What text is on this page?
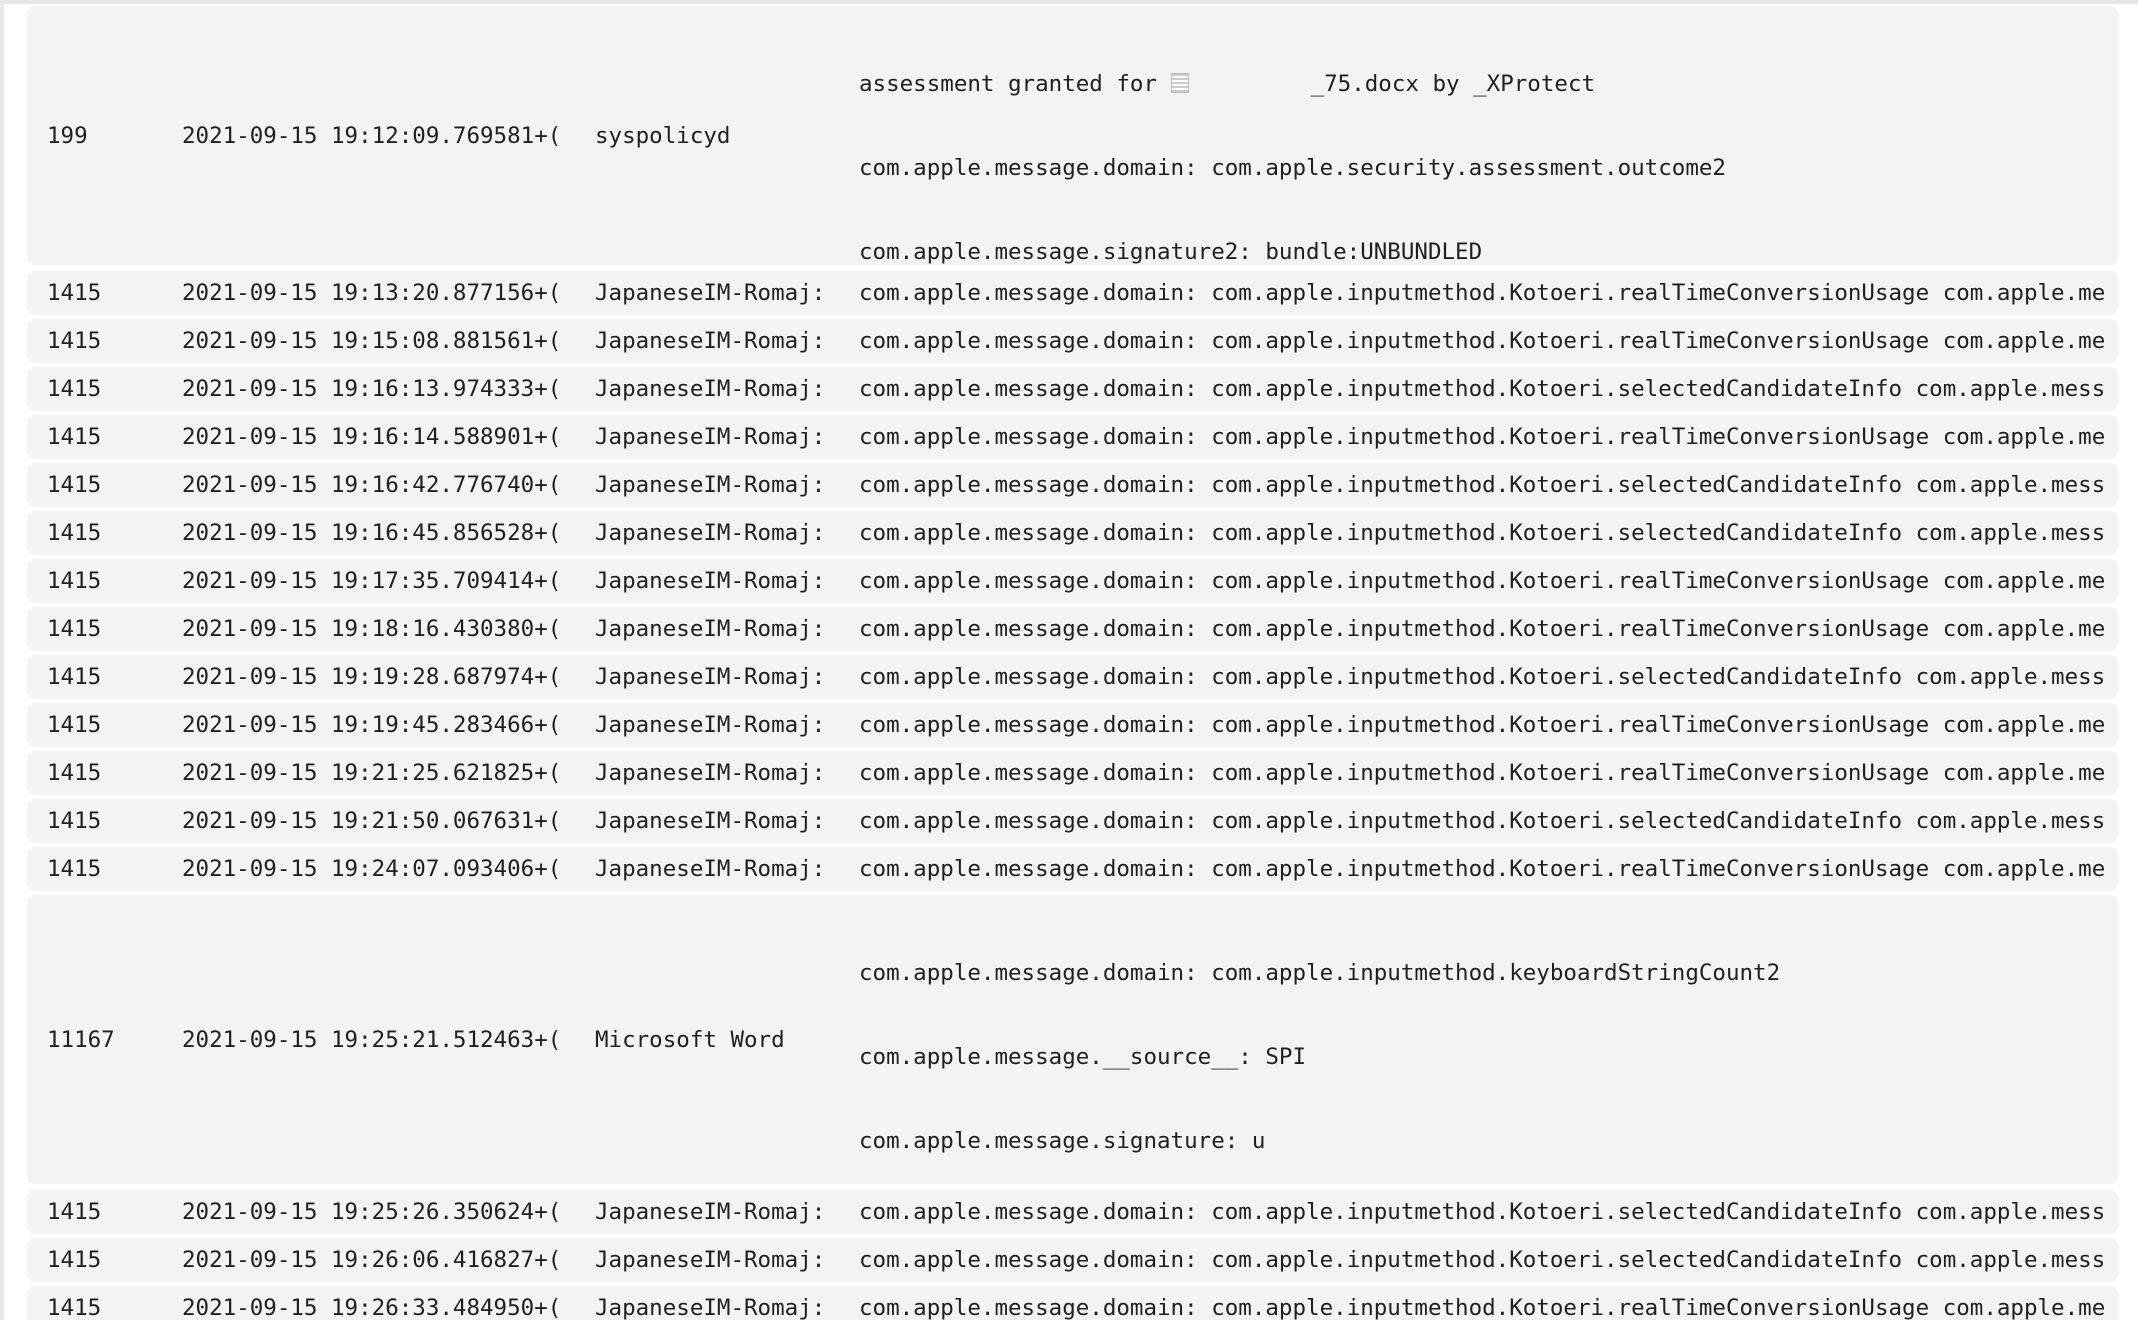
199	2021-09-15 19:12:09.769581+(	syspolicyd

assessment granted for	_75.docx by _XProtect

com.apple.message.domain: com.apple.security.assessment.outcome2

com.apple.message.signature2: bundle:UNBUNDLED

1415	2021-09-15 19:13:20.877156+(	JapaneseIM-Romaj:	com.apple.message.domain: com.apple.inputmethod.Kotoeri.realTimeConversionUsage com.apple.me
1415	2021-09-15 19:15:08.881561+(	JapaneseIM-Romaj:	com.apple.message.domain: com.apple.inputmethod.Kotoeri.realTimeConversionUsage com.apple.me
1415	2021-09-15 19:16:13.974333+(	JapaneseIM-Romaj:	com.apple.message.domain: com.apple.inputmethod.Kotoeri.selectedCandidateInfo com.apple.mess
1415	2021-09-15 19:16:14.588901+(	JapaneseIM-Romaj:	com.apple.message.domain: com.apple.inputmethod.Kotoeri.realTimeConversionUsage com.apple.me
1415	2021-09-15 19:16:42.776740+(	JapaneseIM-Romaj:	com.apple.message.domain: com.apple.inputmethod.Kotoeri.selectedCandidateInfo com.apple.mess
1415	2021-09-15 19:16:45.856528+(	JapaneseIM-Romaj:	com.apple.message.domain: com.apple.inputmethod.Kotoeri.selectedCandidateInfo com.apple.mess
1415	2021-09-15 19:17:35.709414+(	JapaneseIM-Romaj:	com.apple.message.domain: com.apple.inputmethod.Kotoeri.realTimeConversionUsage com.apple.me
1415	2021-09-15 19:18:16.430380+(	JapaneseIM-Romaj:	com.apple.message.domain: com.apple.inputmethod.Kotoeri.realTimeConversionUsage com.apple.me
1415	2021-09-15 19:19:28.687974+(	JapaneseIM-Romaj:	com.apple.message.domain: com.apple.inputmethod.Kotoeri.selectedCandidateInfo com.apple.mess
1415	2021-09-15 19:19:45.283466+(	JapaneseIM-Romaj:	com.apple.message.domain: com.apple.inputmethod.Kotoeri.realTimeConversionUsage com.apple.me
1415	2021-09-15 19:21:25.621825+(	JapaneseIM-Romaj:	com.apple.message.domain: com.apple.inputmethod.Kotoeri.realTimeConversionUsage com.apple.me
1415	2021-09-15 19:21:50.067631+(	JapaneseIM-Romaj:	com.apple.message.domain: com.apple.inputmethod.Kotoeri.selectedCandidateInfo com.apple.mess
1415	2021-09-15 19:24:07.093406+(	JapaneseIM-Romaj:	com.apple.message.domain: com.apple.inputmethod.Kotoeri.realTimeConversionUsage com.apple.me
11167	2021-09-15 19:25:21.512463+(	Microsoft Word

com.apple.message.domain: com.apple.inputmethod.keyboardStringCount2

com.apple.message.__source__: SPI

com.apple.message.signature: u

1415	2021-09-15 19:25:26.350624+(	JapaneseIM-Romaj:	com.apple.message.domain: com.apple.inputmethod.Kotoeri.selectedCandidateInfo com.apple.mess
1415	2021-09-15 19:26:06.416827+(	JapaneseIM-Romaj:	com.apple.message.domain: com.apple.inputmethod.Kotoeri.selectedCandidateInfo com.apple.mess
1415	2021-09-15 19:26:33.484950+(	JapaneseIM-Romaj:	com.apple.message.domain: com.apple.inputmethod.Kotoeri.realTimeConversionUsage com.apple.me
